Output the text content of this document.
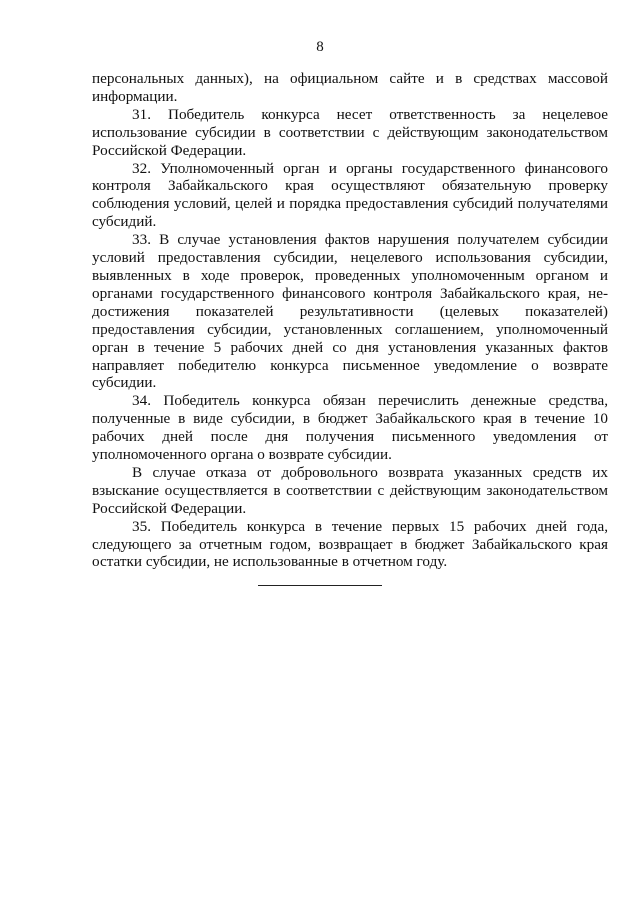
8

персональных данных), на официальном сайте и в средствах массовой информации.

31. Победитель конкурса несет ответственность за нецелевое использование субсидии в соответствии с действующим законодательством Российской Федерации.

32. Уполномоченный орган и органы государственного финансового контроля Забайкальского края осуществляют обязательную проверку соблюдения условий, целей и порядка предоставления субсидий получателями субсидий.

33. В случае установления фактов нарушения получателем субсидии условий предоставления субсидии, нецелевого использования субсидии, выявленных в ходе проверок, проведенных уполномоченным органом и органами государственного финансового контроля Забайкальского края, недостижения показателей результативности (целевых показателей) предоставления субсидии, установленных соглашением, уполномоченный орган в течение 5 рабочих дней со дня установления указанных фактов направляет победителю конкурса письменное уведомление о возврате субсидии.

34. Победитель конкурса обязан перечислить денежные средства, полученные в виде субсидии, в бюджет Забайкальского края в течение 10 рабочих дней после дня получения письменного уведомления от уполномоченного органа о возврате субсидии.

В случае отказа от добровольного возврата указанных средств их взыскание осуществляется в соответствии с действующим законодательством Российской Федерации.

35. Победитель конкурса в течение первых 15 рабочих дней года, следующего за отчетным годом, возвращает в бюджет Забайкальского края остатки субсидии, не использованные в отчетном году.
